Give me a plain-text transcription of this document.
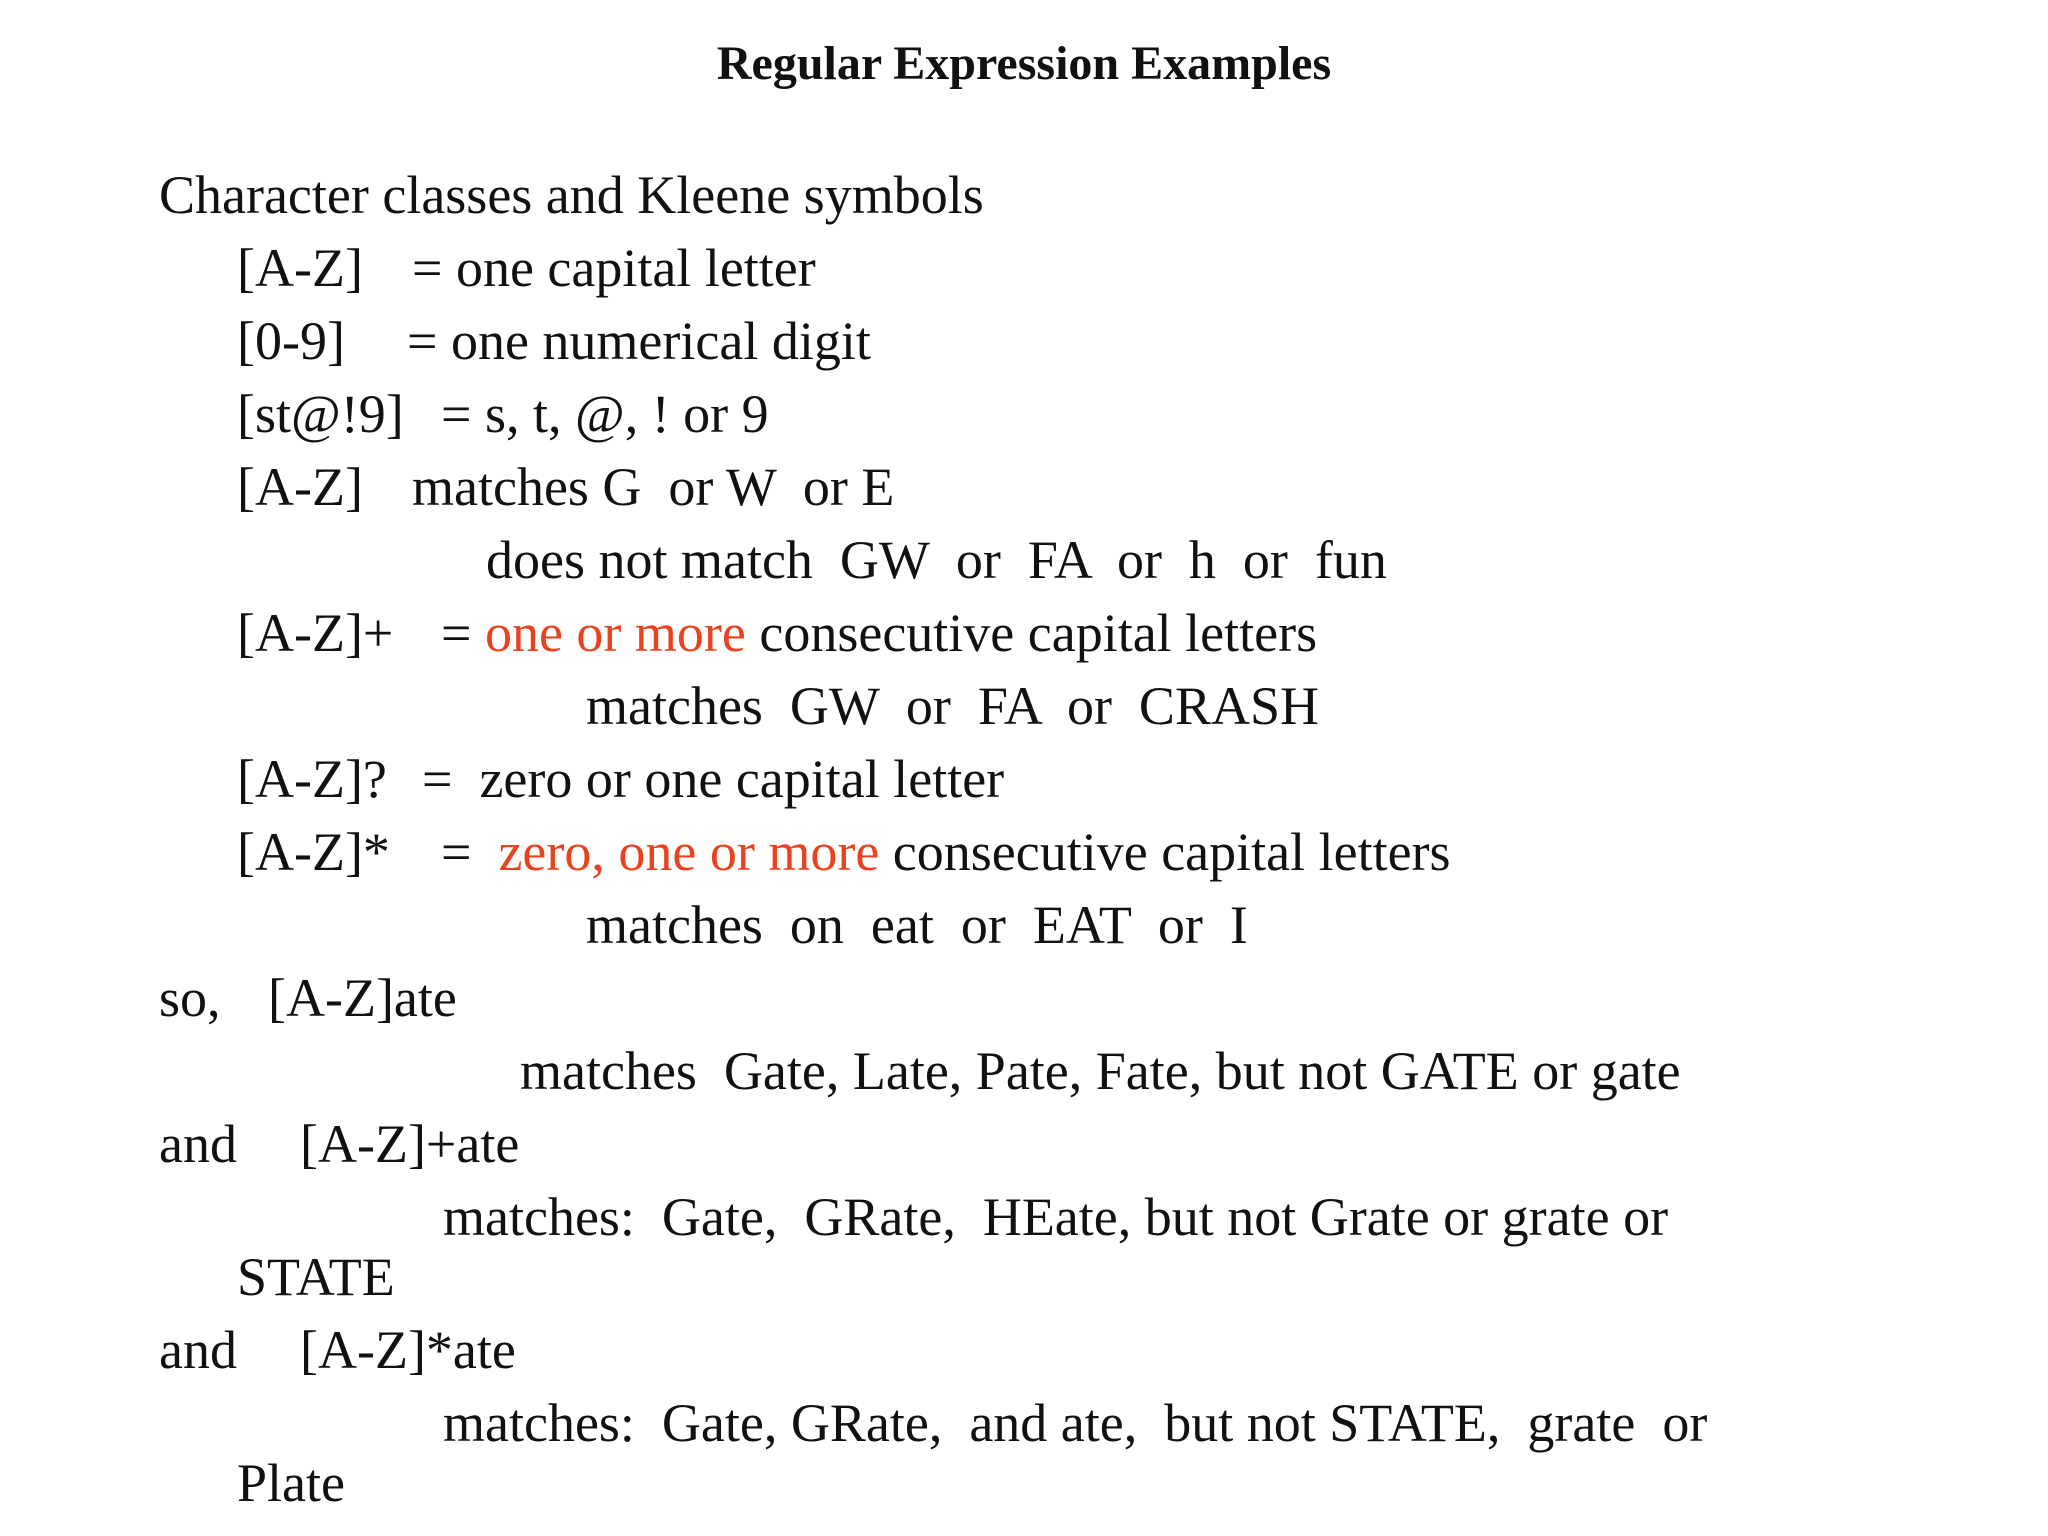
Regular Expression Examples
Character classes and Kleene symbols
[A-Z] = one capital letter
[0-9] = one numerical digit
[st@!9] = s, t, @, ! or 9
[A-Z] matches G  or W  or E
does not match  GW  or  FA  or  h  or  fun
[A-Z]+ = one or more consecutive capital letters
matches  GW  or  FA  or  CRASH
[A-Z]? =  zero or one capital letter
[A-Z]* = zero, one or more consecutive capital letters
matches  on  eat  or  EAT  or  I
so, [A-Z]ate
matches  Gate, Late, Pate, Fate, but not GATE or gate
and [A-Z]+ate
matches:  Gate,  GRate,  HEate, but not Grate or grate or
STATE
and [A-Z]*ate
matches:  Gate, GRate,  and ate,  but not STATE,  grate  or
Plate
